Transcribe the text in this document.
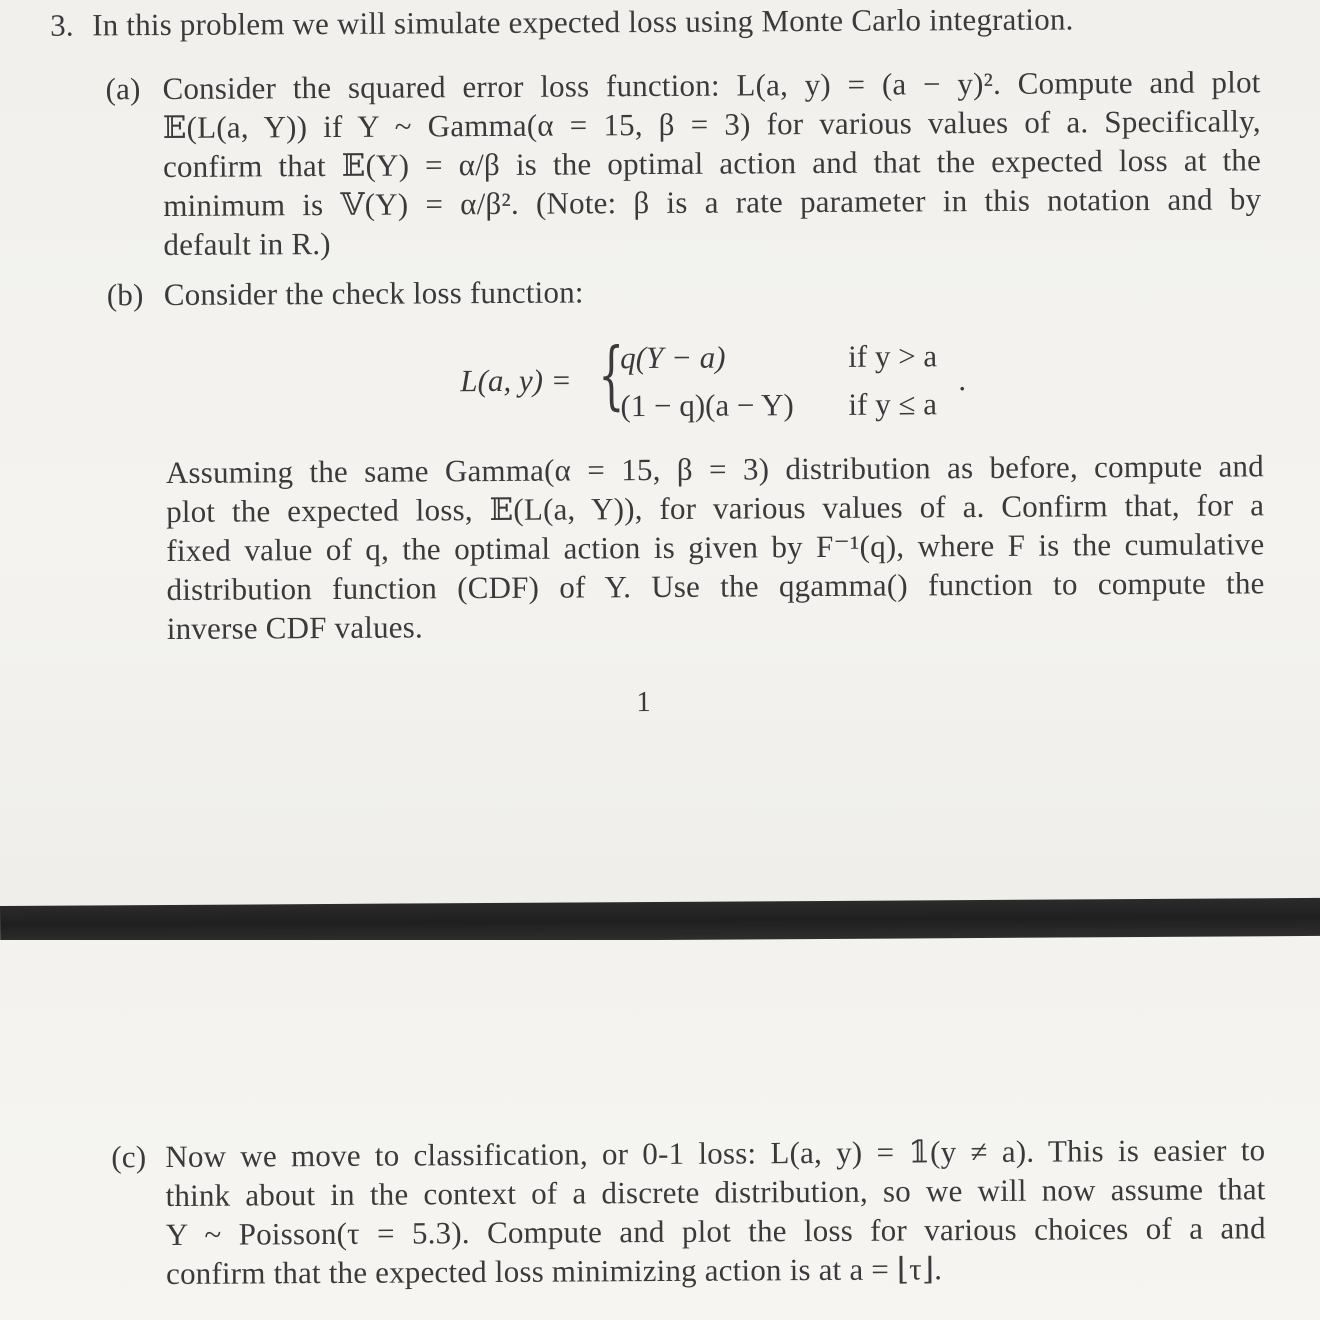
3. In this problem we will simulate expected loss using Monte Carlo integration.
(a) Consider the squared error loss function: L(a, y) = (a − y)². Compute and plot
𝔼(L(a, Y)) if Y ~ Gamma(α = 15, β = 3) for various values of a. Specifically,
confirm that 𝔼(Y) = α/β is the optimal action and that the expected loss at the
minimum is 𝕍(Y) = α/β². (Note: β is a rate parameter in this notation and by
default in R.)
(b) Consider the check loss function:
L(a, y) = {
q(Y − a)	if y > a
(1 − q)(a − Y) if y ≤ a
.
Assuming the same Gamma(α = 15, β = 3) distribution as before, compute and
plot the expected loss, 𝔼(L(a, Y)), for various values of a. Confirm that, for a
fixed value of q, the optimal action is given by F⁻¹(q), where F is the cumulative
distribution function (CDF) of Y. Use the qgamma() function to compute the
inverse CDF values.
1
(c) Now we move to classification, or 0-1 loss: L(a, y) = 𝟙(y ≠ a). This is easier to
think about in the context of a discrete distribution, so we will now assume that
Y ~ Poisson(τ = 5.3). Compute and plot the loss for various choices of a and
confirm that the expected loss minimizing action is at a = ⌊τ⌋.
